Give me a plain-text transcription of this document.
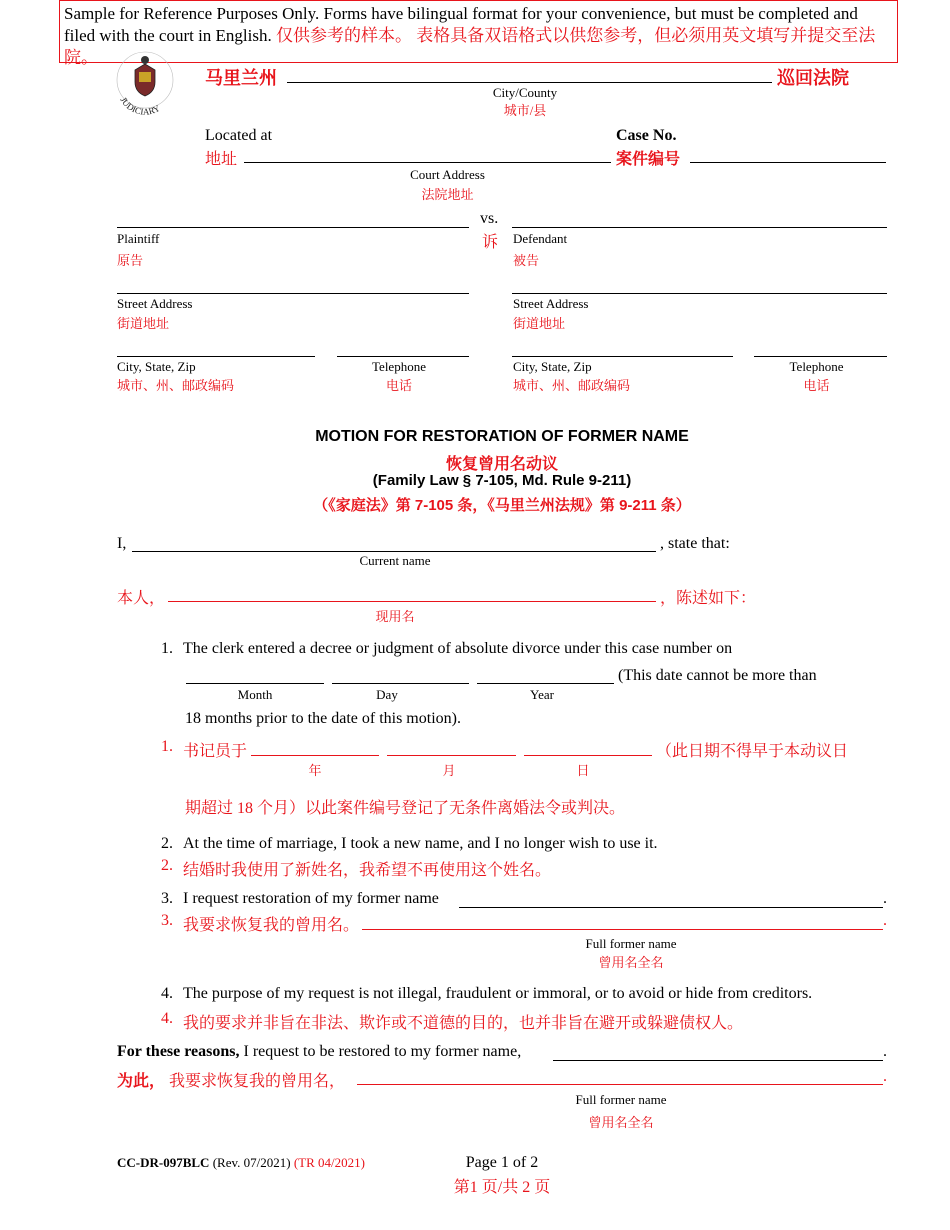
Sample for Reference Purposes Only. Forms have bilingual format for your convenience, but must be completed and filed with the court in English. 仅供参考的样本。 表格具备双语格式以供您参考，但必须用英文填写并提交至法院。
JUDICIARY
马里兰州	巡回法院
City/County
城市/县
Located at
地址
Case No.
案件编号
Court Address
法院地址
vs.
诉
Plaintiff
原告
Defendant
被告
Street Address
街道地址
Street Address
街道地址
City, State, Zip
城市、州、邮政编码
Telephone
电话
City, State, Zip
城市、州、邮政编码
Telephone
电话
MOTION FOR RESTORATION OF FORMER NAME
恢复曾用名动议
(Family Law § 7-105, Md. Rule 9-211)
（《家庭法》第 7-105 条，《马里兰州法规》第 9-211 条）
I,	, state that:
Current name
本人，	，陈述如下：
现用名
1. The clerk entered a decree or judgment of absolute divorce under this case number on
(This date cannot be more than
Month	Day	Year
18 months prior to the date of this motion).
1. 书记员于	（此日期不得早于本动议日
年	月	日
期超过 18 个月）以此案件编号登记了无条件离婚法令或判决。
2. At the time of marriage, I took a new name, and I no longer wish to use it.
2. 结婚时我使用了新姓名，我希望不再使用这个姓名。
3. I request restoration of my former name	.
3. 我要求恢复我的曾用名。	.
Full former name
曾用名全名
4. The purpose of my request is not illegal, fraudulent or immoral, or to avoid or hide from creditors.
4. 我的要求并非旨在非法、欺诈或不道德的目的，也并非旨在避开或躲避债权人。
For these reasons, I request to be restored to my former name,	.
为此， 我要求恢复我的曾用名，	.
Full former name
曾用名全名
CC-DR-097BLC (Rev. 07/2021) (TR 04/2021)	Page 1 of 2
第1 页/共 2 页
